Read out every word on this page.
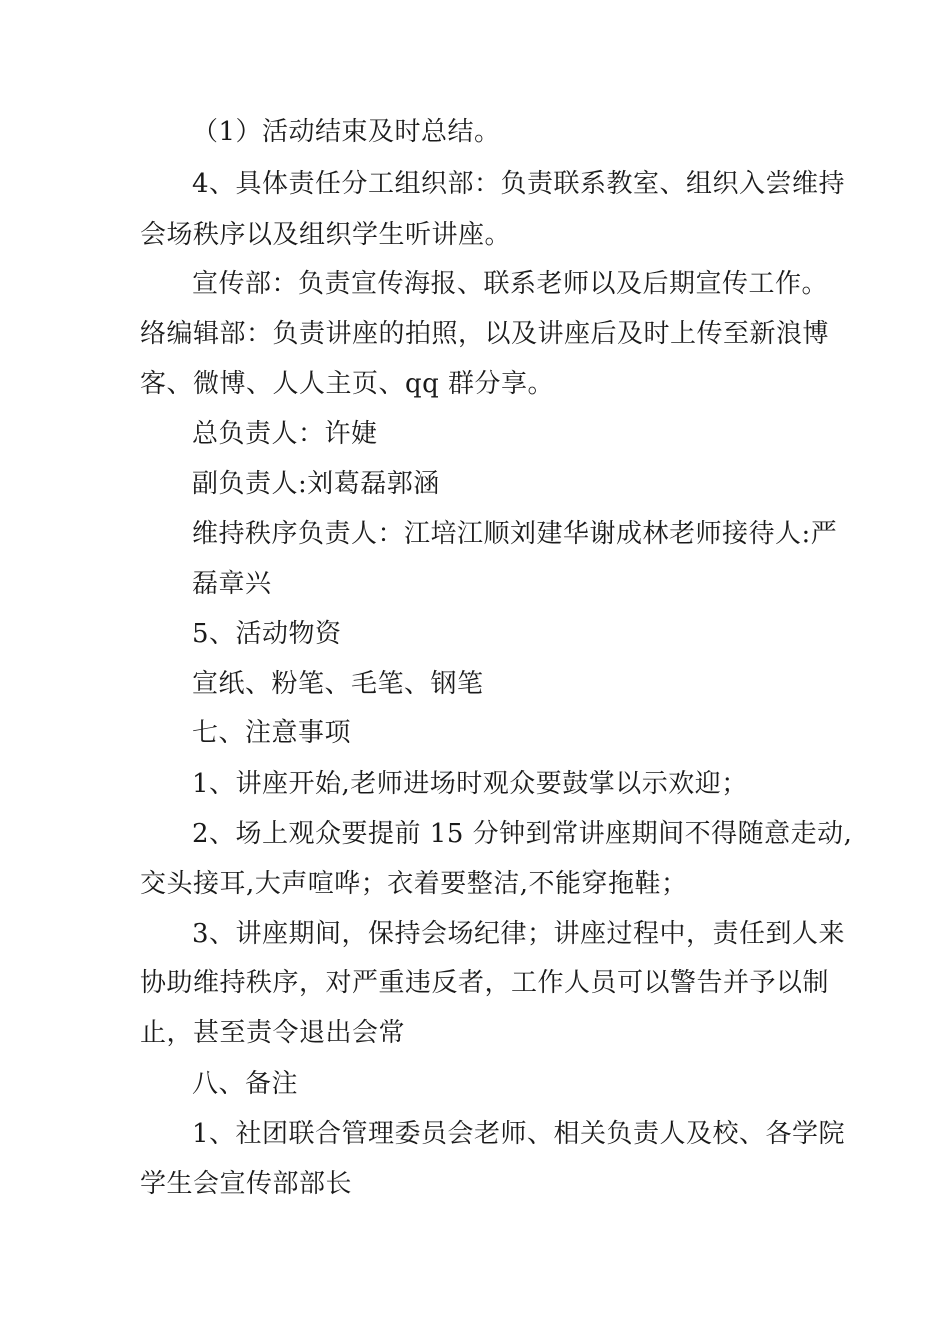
（1）活动结束及时总结。
4、具体责任分工组织部：负责联系教室、组织入尝维持
会场秩序以及组织学生听讲座。
宣传部：负责宣传海报、联系老师以及后期宣传工作。
络编辑部：负责讲座的拍照，以及讲座后及时上传至新浪博
客、微博、人人主页、qq 群分享。
总负责人：许婕
副负责人:刘葛磊郭涵
维持秩序负责人：江培江顺刘建华谢成林老师接待人:严
磊章兴
5、活动物资
宣纸、粉笔、毛笔、钢笔
七、注意事项
1、讲座开始,老师进场时观众要鼓掌以示欢迎；
2、场上观众要提前 15 分钟到常讲座期间不得随意走动,
交头接耳,大声喧哗；衣着要整洁,不能穿拖鞋；
3、讲座期间，保持会场纪律；讲座过程中，责任到人来
协助维持秩序，对严重违反者，工作人员可以警告并予以制
止，甚至责令退出会常
八、备注
1、社团联合管理委员会老师、相关负责人及校、各学院
学生会宣传部部长
